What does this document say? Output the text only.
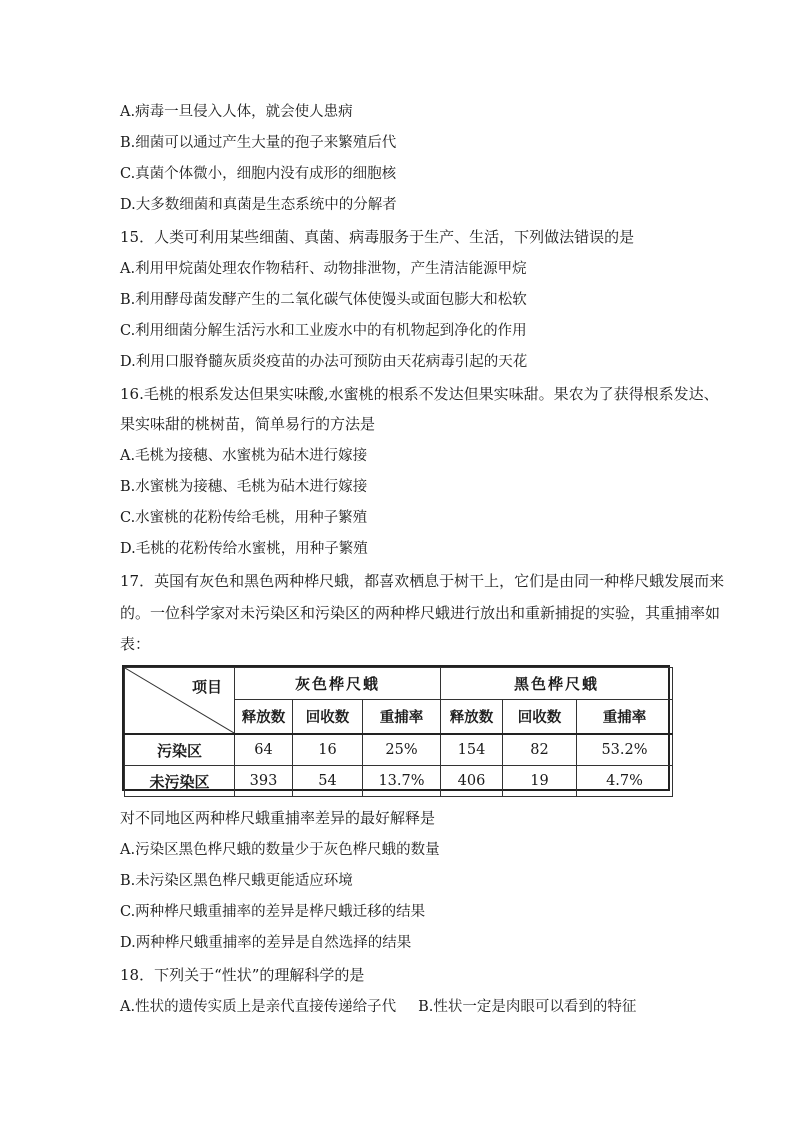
A.病毒一旦侵入人体，就会使人患病
B.细菌可以通过产生大量的孢子来繁殖后代
C.真菌个体微小，细胞内没有成形的细胞核
D.大多数细菌和真菌是生态系统中的分解者
15．人类可利用某些细菌、真菌、病毒服务于生产、生活，下列做法错误的是
A.利用甲烷菌处理农作物秸秆、动物排泄物，产生清洁能源甲烷
B.利用酵母菌发酵产生的二氧化碳气体使馒头或面包膨大和松软
C.利用细菌分解生活污水和工业废水中的有机物起到净化的作用
D.利用口服脊髓灰质炎疫苗的办法可预防由天花病毒引起的天花
16.毛桃的根系发达但果实味酸,水蜜桃的根系不发达但果实味甜。果农为了获得根系发达、
果实味甜的桃树苗，简单易行的方法是
A.毛桃为接穗、水蜜桃为砧木进行嫁接
B.水蜜桃为接穗、毛桃为砧木进行嫁接
C.水蜜桃的花粉传给毛桃，用种子繁殖
D.毛桃的花粉传给水蜜桃，用种子繁殖
17．英国有灰色和黑色两种桦尺蛾，都喜欢栖息于树干上，它们是由同一种桦尺蛾发展而来
的。一位科学家对未污染区和污染区的两种桦尺蛾进行放出和重新捕捉的实验，其重捕率如
表：
项目	灰色桦尺蛾			黑色桦尺蛾		
	释放数	回收数	重捕率	释放数	回收数	重捕率
污染区	64	16	25%	154	82	53.2%
未污染区	393	54	13.7%	406	19	4.7%
对不同地区两种桦尺蛾重捕率差异的最好解释是
A.污染区黑色桦尺蛾的数量少于灰色桦尺蛾的数量
B.未污染区黑色桦尺蛾更能适应环境
C.两种桦尺蛾重捕率的差异是桦尺蛾迁移的结果
D.两种桦尺蛾重捕率的差异是自然选择的结果
18．下列关于“性状”的理解科学的是
A.性状的遗传实质上是亲代直接传递给子代 B.性状一定是肉眼可以看到的特征
